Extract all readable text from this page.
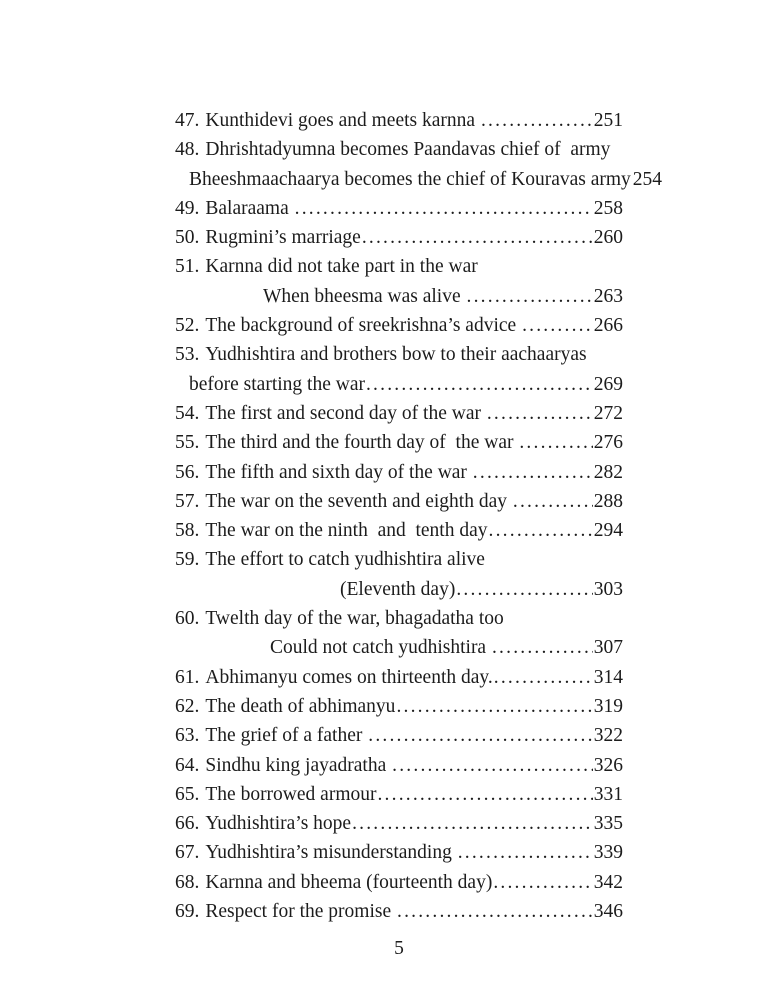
47. Kunthidevi goes and meets karnna .....	251
48. Dhrishtadyumna becomes Paandavas chief of  army
Bheeshmaachaarya becomes the chief of Kouravas army 254
49. Balaraama .....	258
50. Rugmini’s marriage .....	260
51. Karnna did not take part in the war
When bheesma was alive .....	263
52. The background of sreekrishna’s advice .....	266
53. Yudhishtira and brothers bow to their aachaaryas
before starting the war .....	269
54. The first and second day of the war .....	272
55. The third and the fourth day of  the war .....	276
56. The fifth and sixth day of the war .....	282
57. The war on the seventh and eighth day .....	288
58. The war on the ninth  and  tenth day .....	294
59. The effort to catch yudhishtira alive
(Eleventh day) .....	303
60. Twelth day of the war, bhagadatha too
Could not catch yudhishtira .....	307
61. Abhimanyu comes on thirteenth day. .....	314
62. The death of abhimanyu .....	319
63. The grief of a father .....	322
64. Sindhu king jayadratha .....	326
65. The borrowed armour .....	331
66. Yudhishtira’s hope .....	335
67. Yudhishtira’s misunderstanding .....	339
68. Karnna and bheema (fourteenth day) .....	342
69. Respect for the promise .....	346
5
